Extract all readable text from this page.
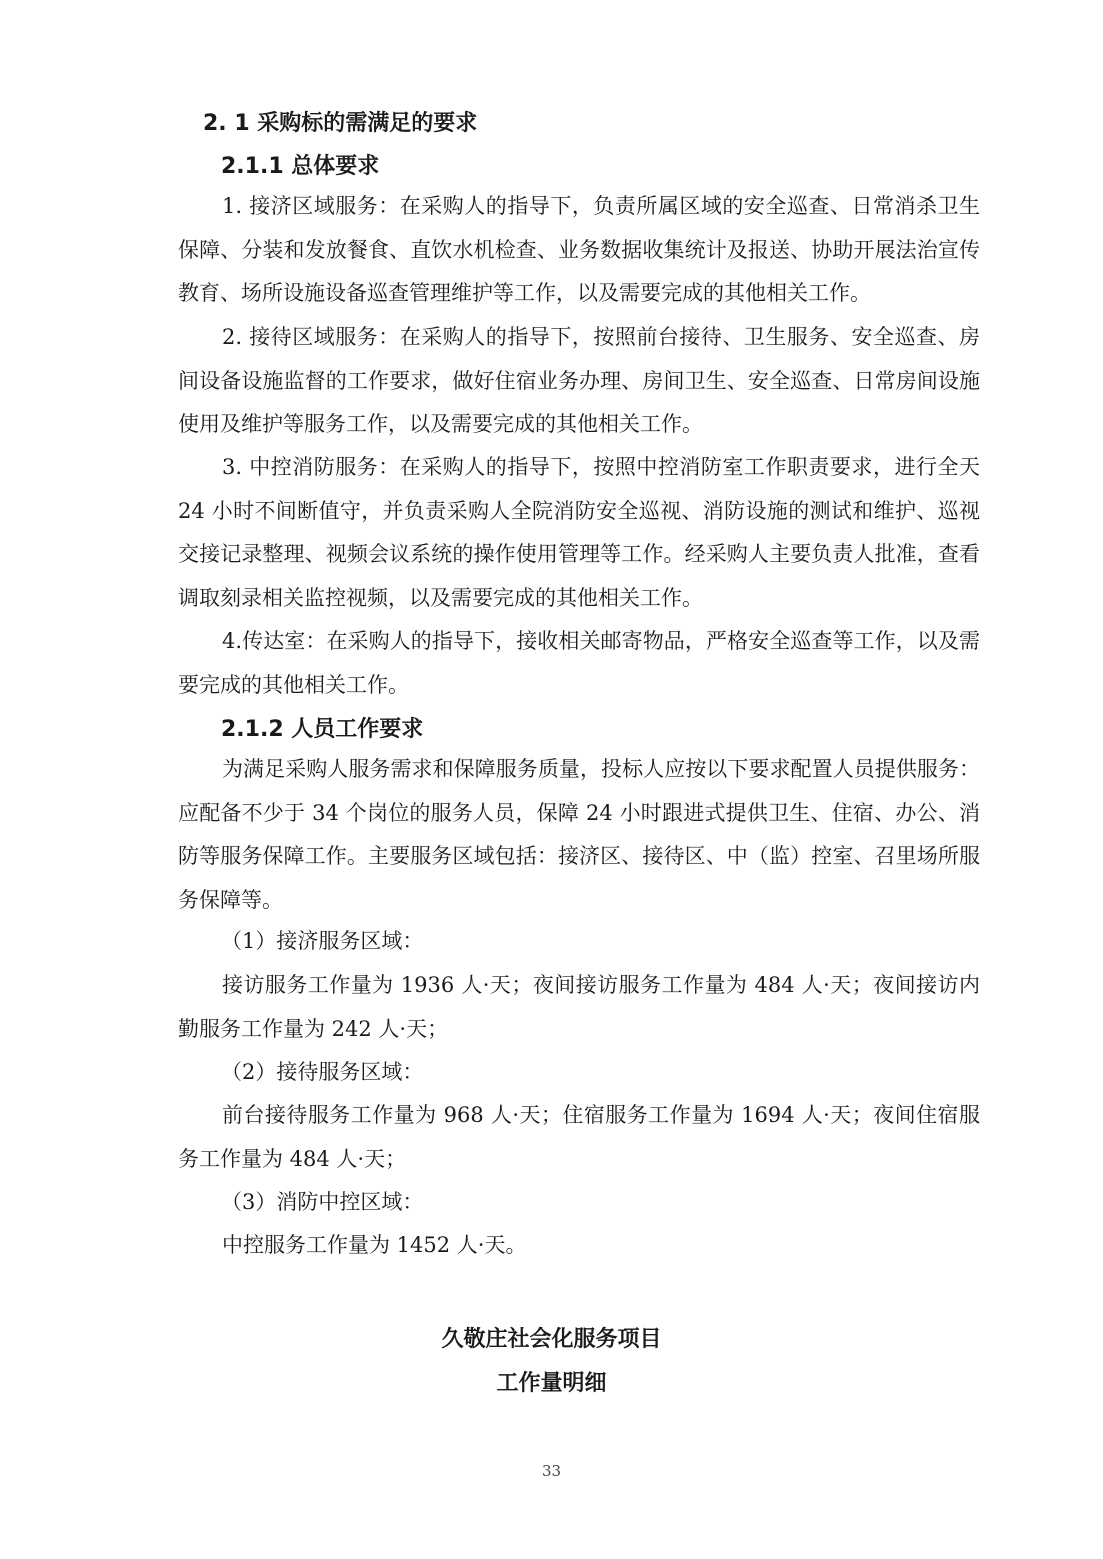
2. 1 采购标的需满足的要求
2.1.1 总体要求

1. 接济区域服务：在采购人的指导下，负责所属区域的安全巡查、日常消杀卫生保障、分装和发放餐食、直饮水机检查、业务数据收集统计及报送、协助开展法治宣传教育、场所设施设备巡查管理维护等工作，以及需要完成的其他相关工作。

2. 接待区域服务：在采购人的指导下，按照前台接待、卫生服务、安全巡查、房间设备设施监督的工作要求，做好住宿业务办理、房间卫生、安全巡查、日常房间设施使用及维护等服务工作，以及需要完成的其他相关工作。

3. 中控消防服务：在采购人的指导下，按照中控消防室工作职责要求，进行全天 24 小时不间断值守，并负责采购人全院消防安全巡视、消防设施的测试和维护、巡视交接记录整理、视频会议系统的操作使用管理等工作。经采购人主要负责人批准，查看调取刻录相关监控视频，以及需要完成的其他相关工作。

4.传达室：在采购人的指导下，接收相关邮寄物品，严格安全巡查等工作，以及需要完成的其他相关工作。

2.1.2 人员工作要求

为满足采购人服务需求和保障服务质量，投标人应按以下要求配置人员提供服务：应配备不少于 34 个岗位的服务人员，保障 24 小时跟进式提供卫生、住宿、办公、消防等服务保障工作。主要服务区域包括：接济区、接待区、中（监）控室、召里场所服务保障等。

（1）接济服务区域：

接访服务工作量为 1936 人·天；夜间接访服务工作量为 484 人·天；夜间接访内勤服务工作量为 242 人·天；

（2）接待服务区域：

前台接待服务工作量为 968 人·天；住宿服务工作量为 1694 人·天；夜间住宿服务工作量为 484 人·天；

（3）消防中控区域：

中控服务工作量为 1452 人·天。

久敬庄社会化服务项目
工作量明细
33
